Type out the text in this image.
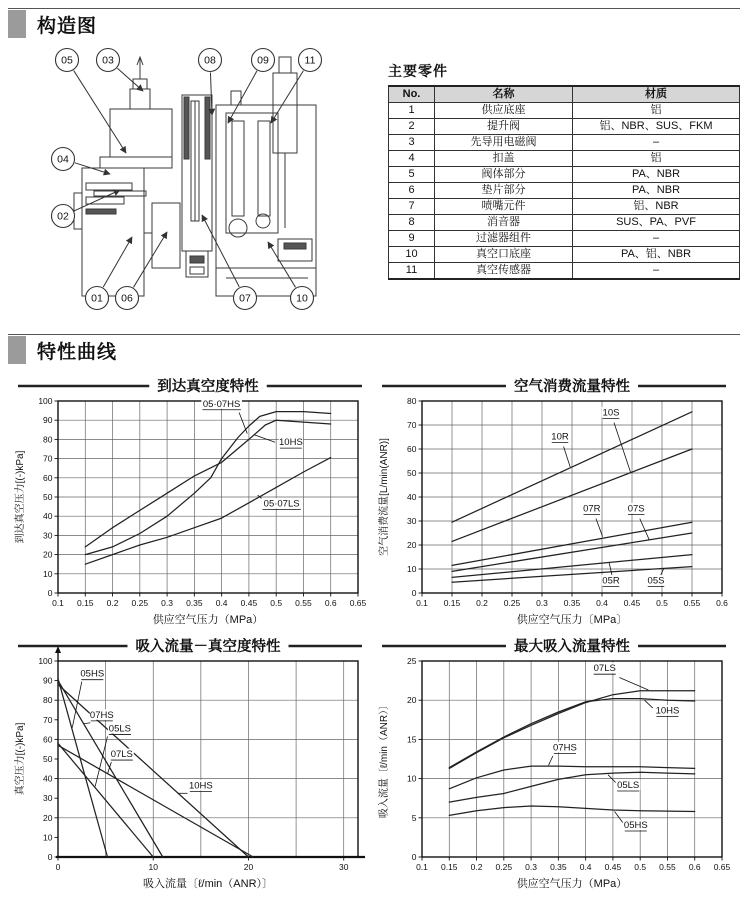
构造图
05	03	08	09	11
04
02
01 06	07	10
主要零件
No.	名称	材质
1	供应底座	铝
2	提升阀	铝、NBR、SUS、FKM
3	先导用电磁阀	–
4	扣盖	铝
5	阀体部分	PA、NBR
6	垫片部分	PA、NBR
7	喷嘴元件	铝、NBR
8	消音器	SUS、PA、PVF
9	过滤器组件	–
10	真空口底座	PA、铝、NBR
11	真空传感器	–
特性曲线
到达真空度特性
0.1 0.15 0.2 0.25 0.3 0.35 0.4 0.45 0.5 0.55 0.6 0.65
0
10
20
30
40
50
60
70
80
90
100
供应空气压力（MPa）
到达真空压力[(-)kPa]
05·07HS
10HS
05·07LS
空气消费流量特性
0.1 0.15 0.2 0.25 0.3 0.35 0.4 0.45 0.5 0.55 0.6
0
10
20
30
40
50
60
70
80
供应空气压力〔MPa〕
空气消费流量[L/min(ANR)]
10S
10R
07R	07S
05R	05S
吸入流量－真空度特性
0	10	20	30
0
10
20
30
40
50
60
70
80
90
100
吸入流量〔ℓ/min（ANR）〕
真空压力[(-)kPa]
05HS
07HS
05LS
07LS
10HS
最大吸入流量特性
0.1 0.15 0.2 0.25 0.3 0.35 0.4 0.45 0.5 0.55 0.6 0.65
0
5
10
15
20
25
供应空气压力（MPa）
吸入流量〔ℓ/min（ANR）〕
07LS
10HS
07HS
05LS
05HS
